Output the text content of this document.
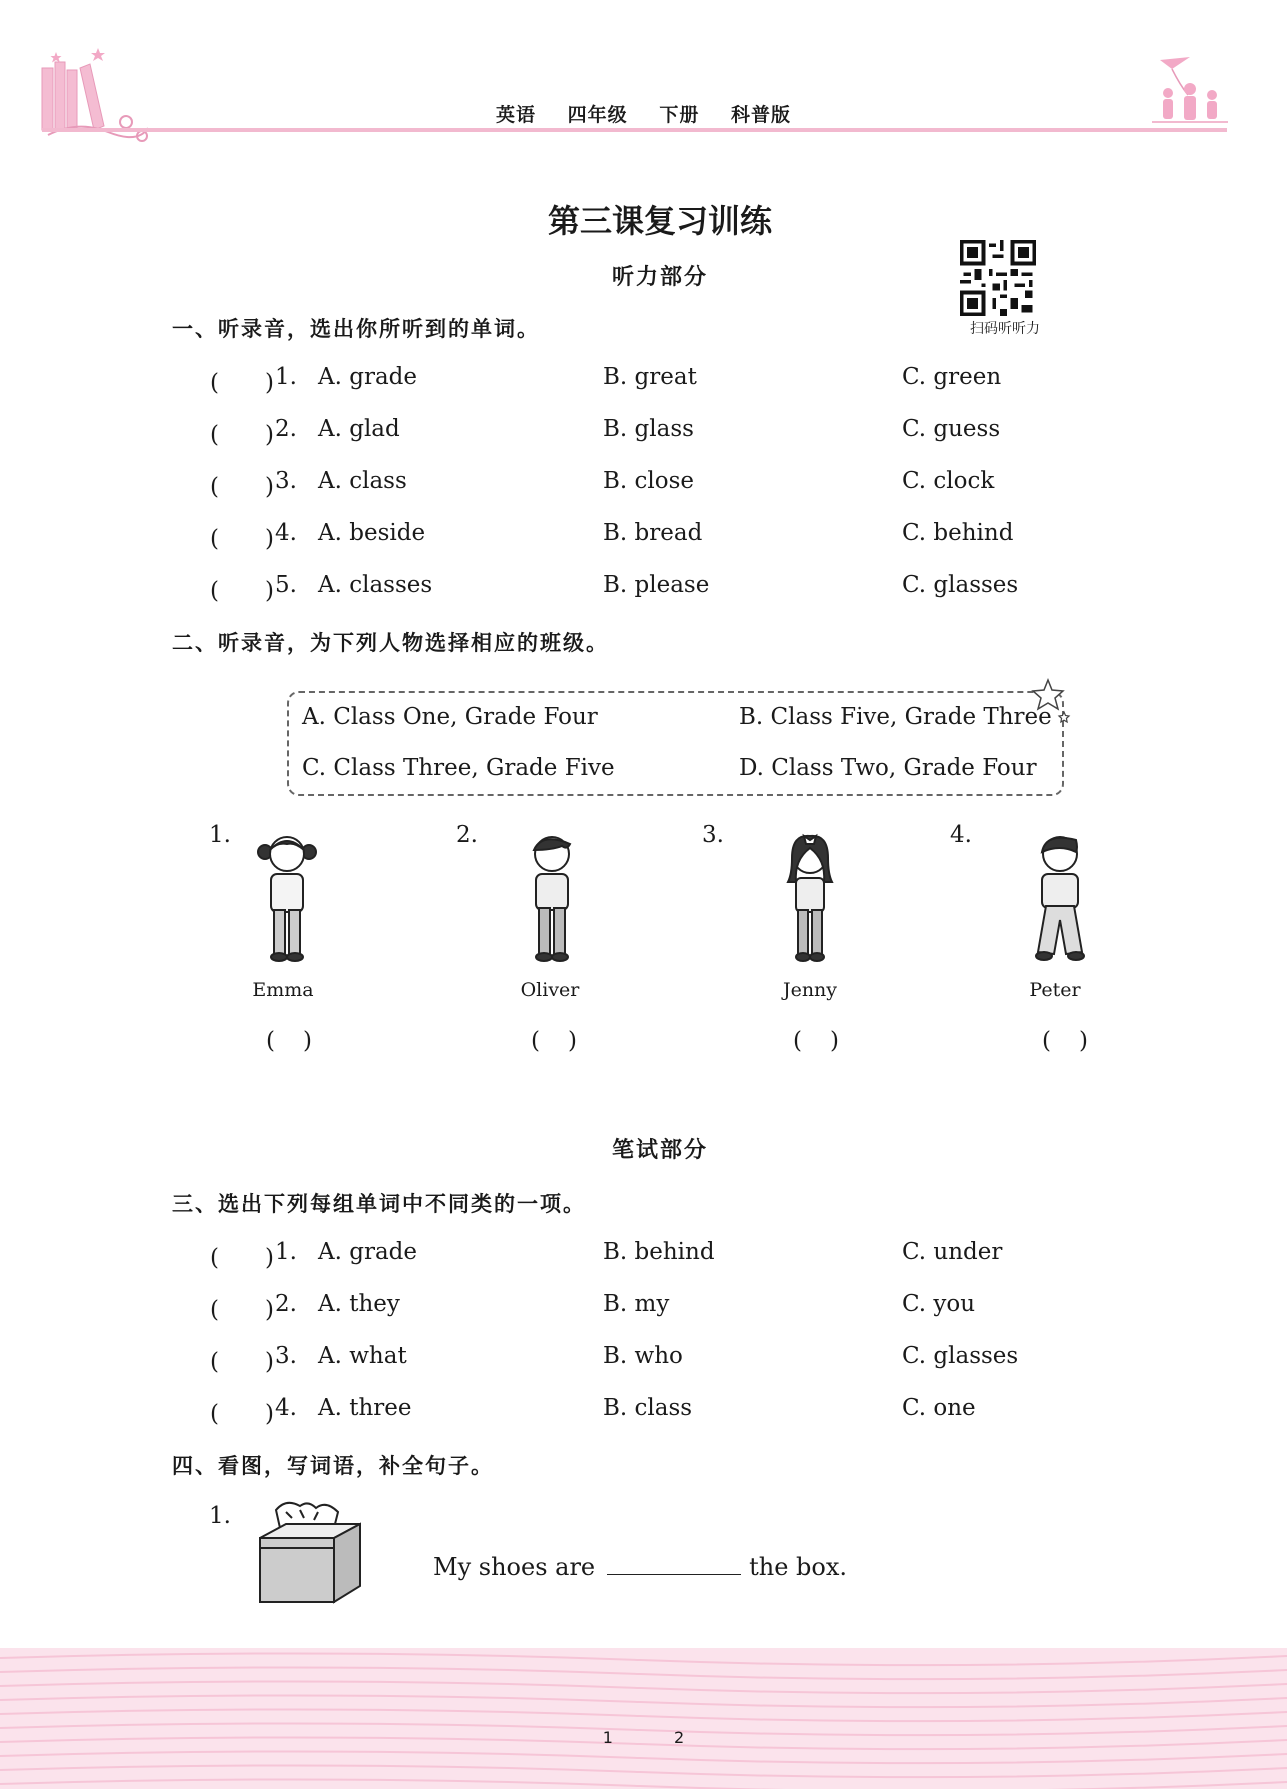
英语 四年级 下册 科普版
第三课复习训练
听力部分
扫码听听力
一、听录音，选出你所听到的单词。
(　　) 1. A. grade	B. great	C. green
(　　) 2. A. glad	B. glass	C. guess
(　　) 3. A. class	B. close	C. clock
(　　) 4. A. beside	B. bread	C. behind
(　　) 5. A. classes	B. please	C. glasses
二、听录音，为下列人物选择相应的班级。
A. Class One, Grade Four	B. Class Five, Grade Three
C. Class Three, Grade Five	D. Class Two, Grade Four
1.	2.	3.	4.
Emma	Oliver	Jenny	Peter
()	()	()	()
笔试部分
三、选出下列每组单词中不同类的一项。
(　　) 1. A. grade	B. behind	C. under
(　　) 2. A. they	B. my	C. you
(　　) 3. A. what	B. who	C. glasses
(　　) 4. A. three	B. class	C. one
四、看图，写词语，补全句子。
1.
My shoes are	the box.
1	2
